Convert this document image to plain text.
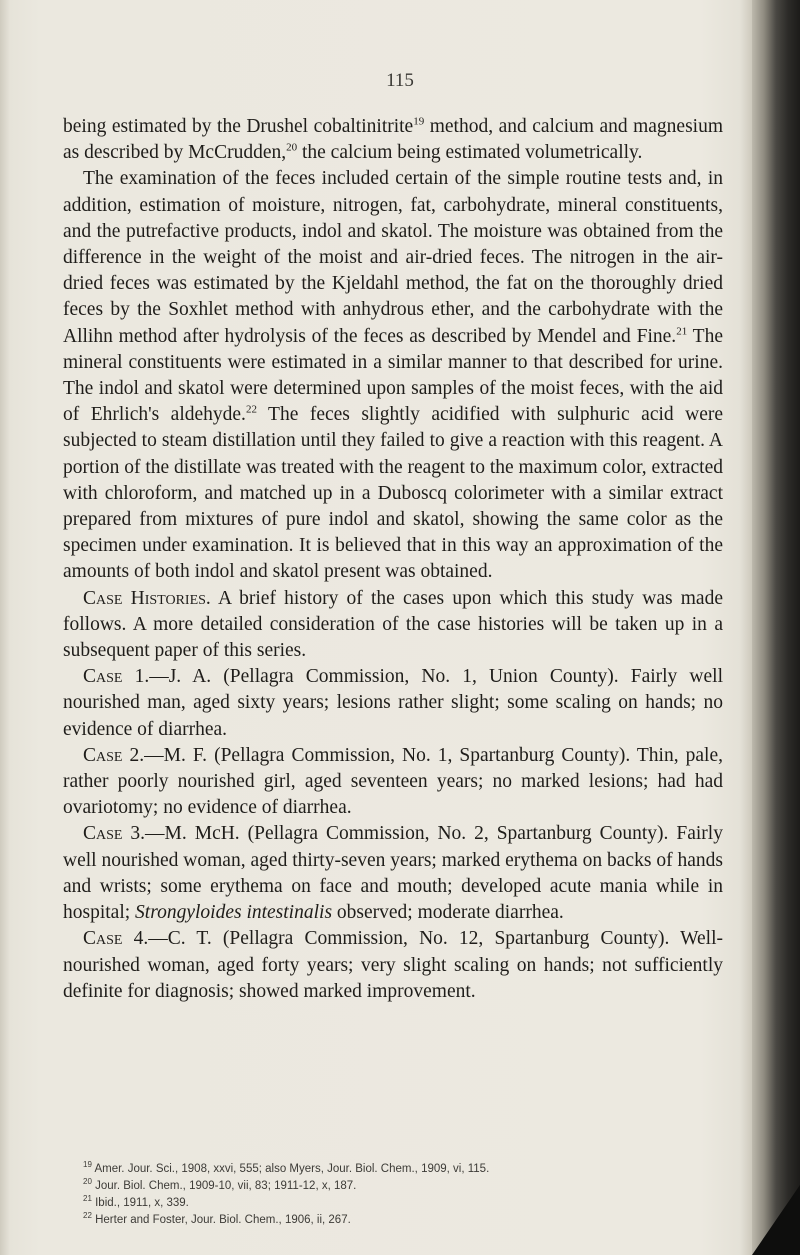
115

being estimated by the Drushel cobaltinitrite$^{19}$ method, and calcium and magnesium as described by McCrudden,$^{20}$ the calcium being estimated volumetrically.

The examination of the feces included certain of the simple routine tests and, in addition, estimation of moisture, nitrogen, fat, carbohydrate, mineral constituents, and the putrefactive products, indol and skatol. The moisture was obtained from the difference in the weight of the moist and air-dried feces. The nitrogen in the air-dried feces was estimated by the Kjeldahl method, the fat on the thoroughly dried feces by the Soxhlet method with anhydrous ether, and the carbohydrate with the Allihn method after hydrolysis of the feces as described by Mendel and Fine.$^{21}$ The mineral constituents were estimated in a similar manner to that described for urine. The indol and skatol were determined upon samples of the moist feces, with the aid of Ehrlich's aldehyde.$^{22}$ The feces slightly acidified with sulphuric acid were subjected to steam distillation until they failed to give a reaction with this reagent. A portion of the distillate was treated with the reagent to the maximum color, extracted with chloroform, and matched up in a Duboscq colorimeter with a similar extract prepared from mixtures of pure indol and skatol, showing the same color as the specimen under examination. It is believed that in this way an approximation of the amounts of both indol and skatol present was obtained.

Case Histories. A brief history of the cases upon which this study was made follows. A more detailed consideration of the case histories will be taken up in a subsequent paper of this series.

Case 1.—J. A. (Pellagra Commission, No. 1, Union County). Fairly well nourished man, aged sixty years; lesions rather slight; some scaling on hands; no evidence of diarrhea.

Case 2.—M. F. (Pellagra Commission, No. 1, Spartanburg County). Thin, pale, rather poorly nourished girl, aged seventeen years; no marked lesions; had had ovariotomy; no evidence of diarrhea.

Case 3.—M. McH. (Pellagra Commission, No. 2, Spartanburg County). Fairly well nourished woman, aged thirty-seven years; marked erythema on backs of hands and wrists; some erythema on face and mouth; developed acute mania while in hospital; Strongyloides intestinalis observed; moderate diarrhea.

Case 4.—C. T. (Pellagra Commission, No. 12, Spartanburg County). Well-nourished woman, aged forty years; very slight scaling on hands; not sufficiently definite for diagnosis; showed marked improvement.

$^{19}$ Amer. Jour. Sci., 1908, xxvi, 555; also Myers, Jour. Biol. Chem., 1909, vi, 115.
$^{20}$ Jour. Biol. Chem., 1909-10, vii, 83; 1911-12, x, 187.
$^{21}$ Ibid., 1911, x, 339.
$^{22}$ Herter and Foster, Jour. Biol. Chem., 1906, ii, 267.
